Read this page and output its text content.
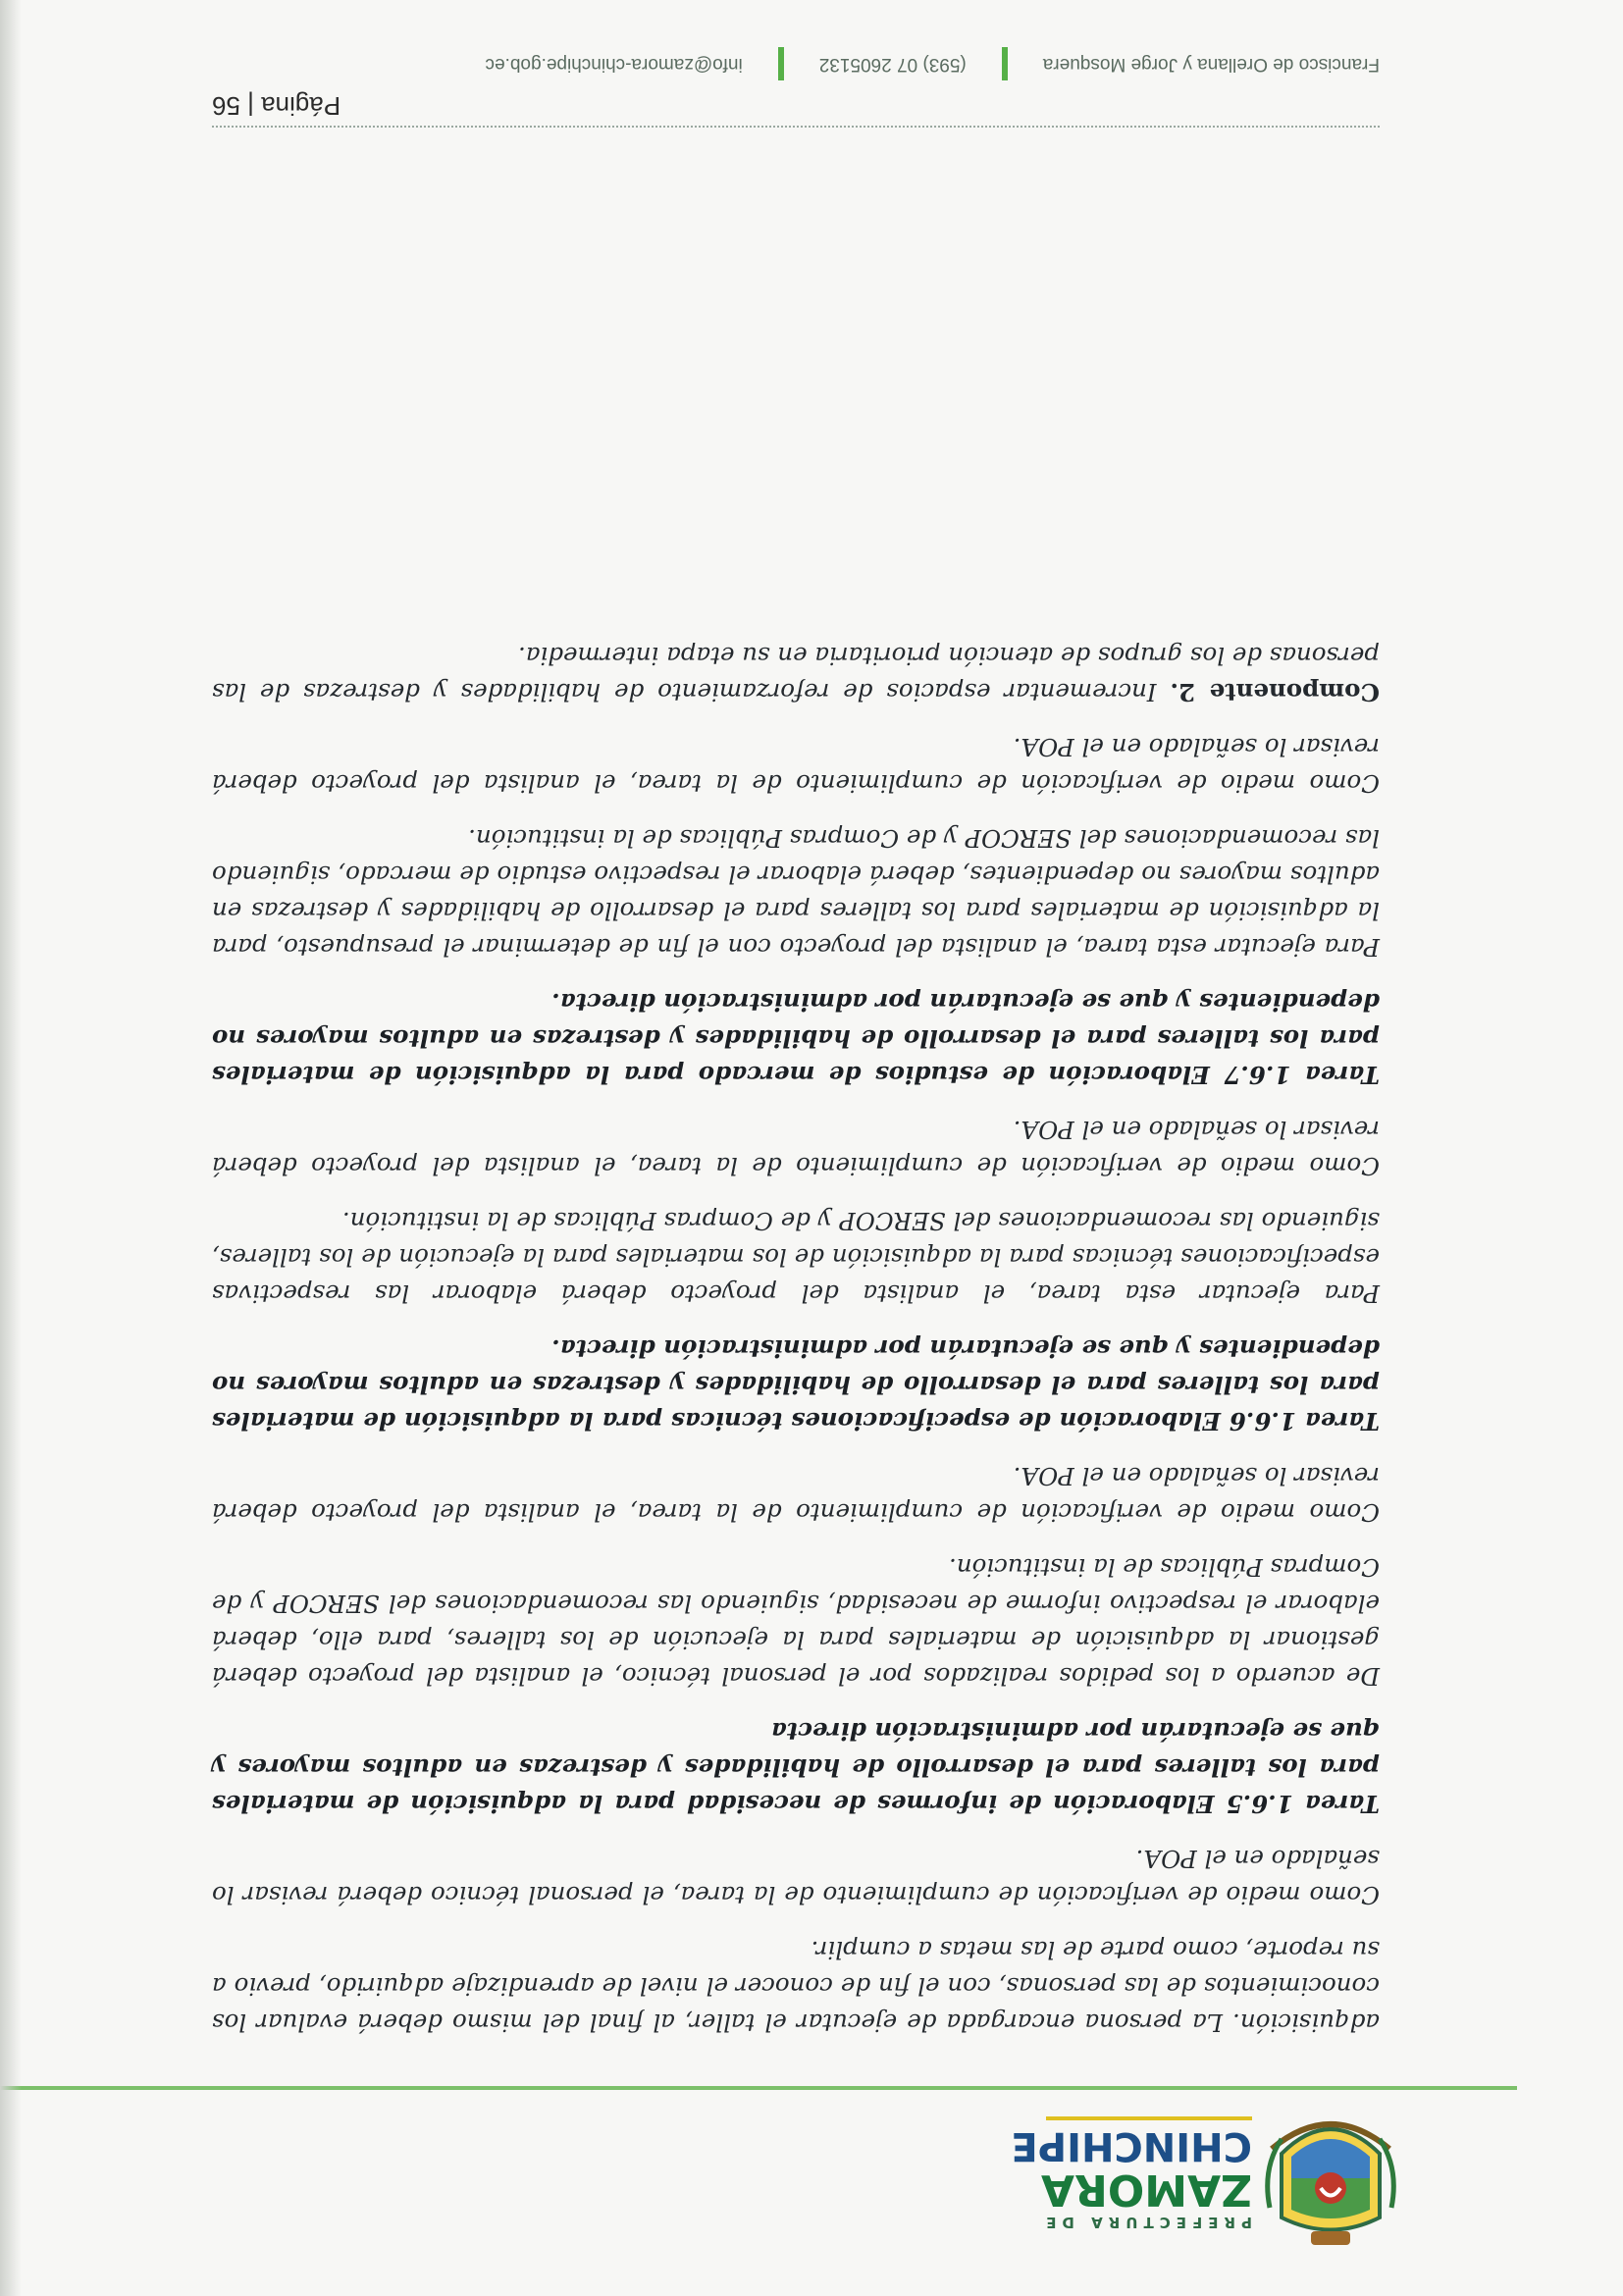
PREFECTURA DE
ZAMORA
CHINCHIPE

adquisición. La persona encargada de ejecutar el taller, al final del mismo deberá evaluar los conocimientos de las personas, con el fin de conocer el nivel de aprendizaje adquirido, previo a su reporte, como parte de las metas a cumplir.

Como medio de verificación de cumplimiento de la tarea, el personal técnico deberá revisar lo señalado en el POA.

Tarea 1.6.5 Elaboración de informes de necesidad para la adquisición de materiales para los talleres para el desarrollo de habilidades y destrezas en adultos mayores y que se ejecutarán por administración directa

De acuerdo a los pedidos realizados por el personal técnico, el analista del proyecto deberá gestionar la adquisición de materiales para la ejecución de los talleres, para ello, deberá elaborar el respectivo informe de necesidad, siguiendo las recomendaciones del SERCOP y de Compras Públicas de la institución.

Como medio de verificación de cumplimiento de la tarea, el analista del proyecto deberá revisar lo señalado en el POA.

Tarea 1.6.6 Elaboración de especificaciones técnicas para la adquisición de materiales para los talleres para el desarrollo de habilidades y destrezas en adultos mayores no dependientes y que se ejecutarán por administración directa.

Para ejecutar esta tarea, el analista del proyecto deberá elaborar las respectivas especificaciones técnicas para la adquisición de los materiales para la ejecución de los talleres, siguiendo las recomendaciones del SERCOP y de Compras Públicas de la institución.

Como medio de verificación de cumplimiento de la tarea, el analista del proyecto deberá revisar lo señalado en el POA.

Tarea 1.6.7 Elaboración de estudios de mercado para la adquisición de materiales para los talleres para el desarrollo de habilidades y destrezas en adultos mayores no dependientes y que se ejecutarán por administración directa.

Para ejecutar esta tarea, el analista del proyecto con el fin de determinar el presupuesto, para la adquisición de materiales para los talleres para el desarrollo de habilidades y destrezas en adultos mayores no dependientes, deberá elaborar el respectivo estudio de mercado, siguiendo las recomendaciones del SERCOP y de Compras Públicas de la institución.

Como medio de verificación de cumplimiento de la tarea, el analista del proyecto deberá revisar lo señalado en el POA.

Componente 2. Incrementar espacios de reforzamiento de habilidades y destrezas de las personas de los grupos de atención prioritaria en su etapa intermedia.

Página | 56
Francisco de Orellana y Jorge Mosquera
(593) 07 2605132
info@zamora-chinchipe.gob.ec
